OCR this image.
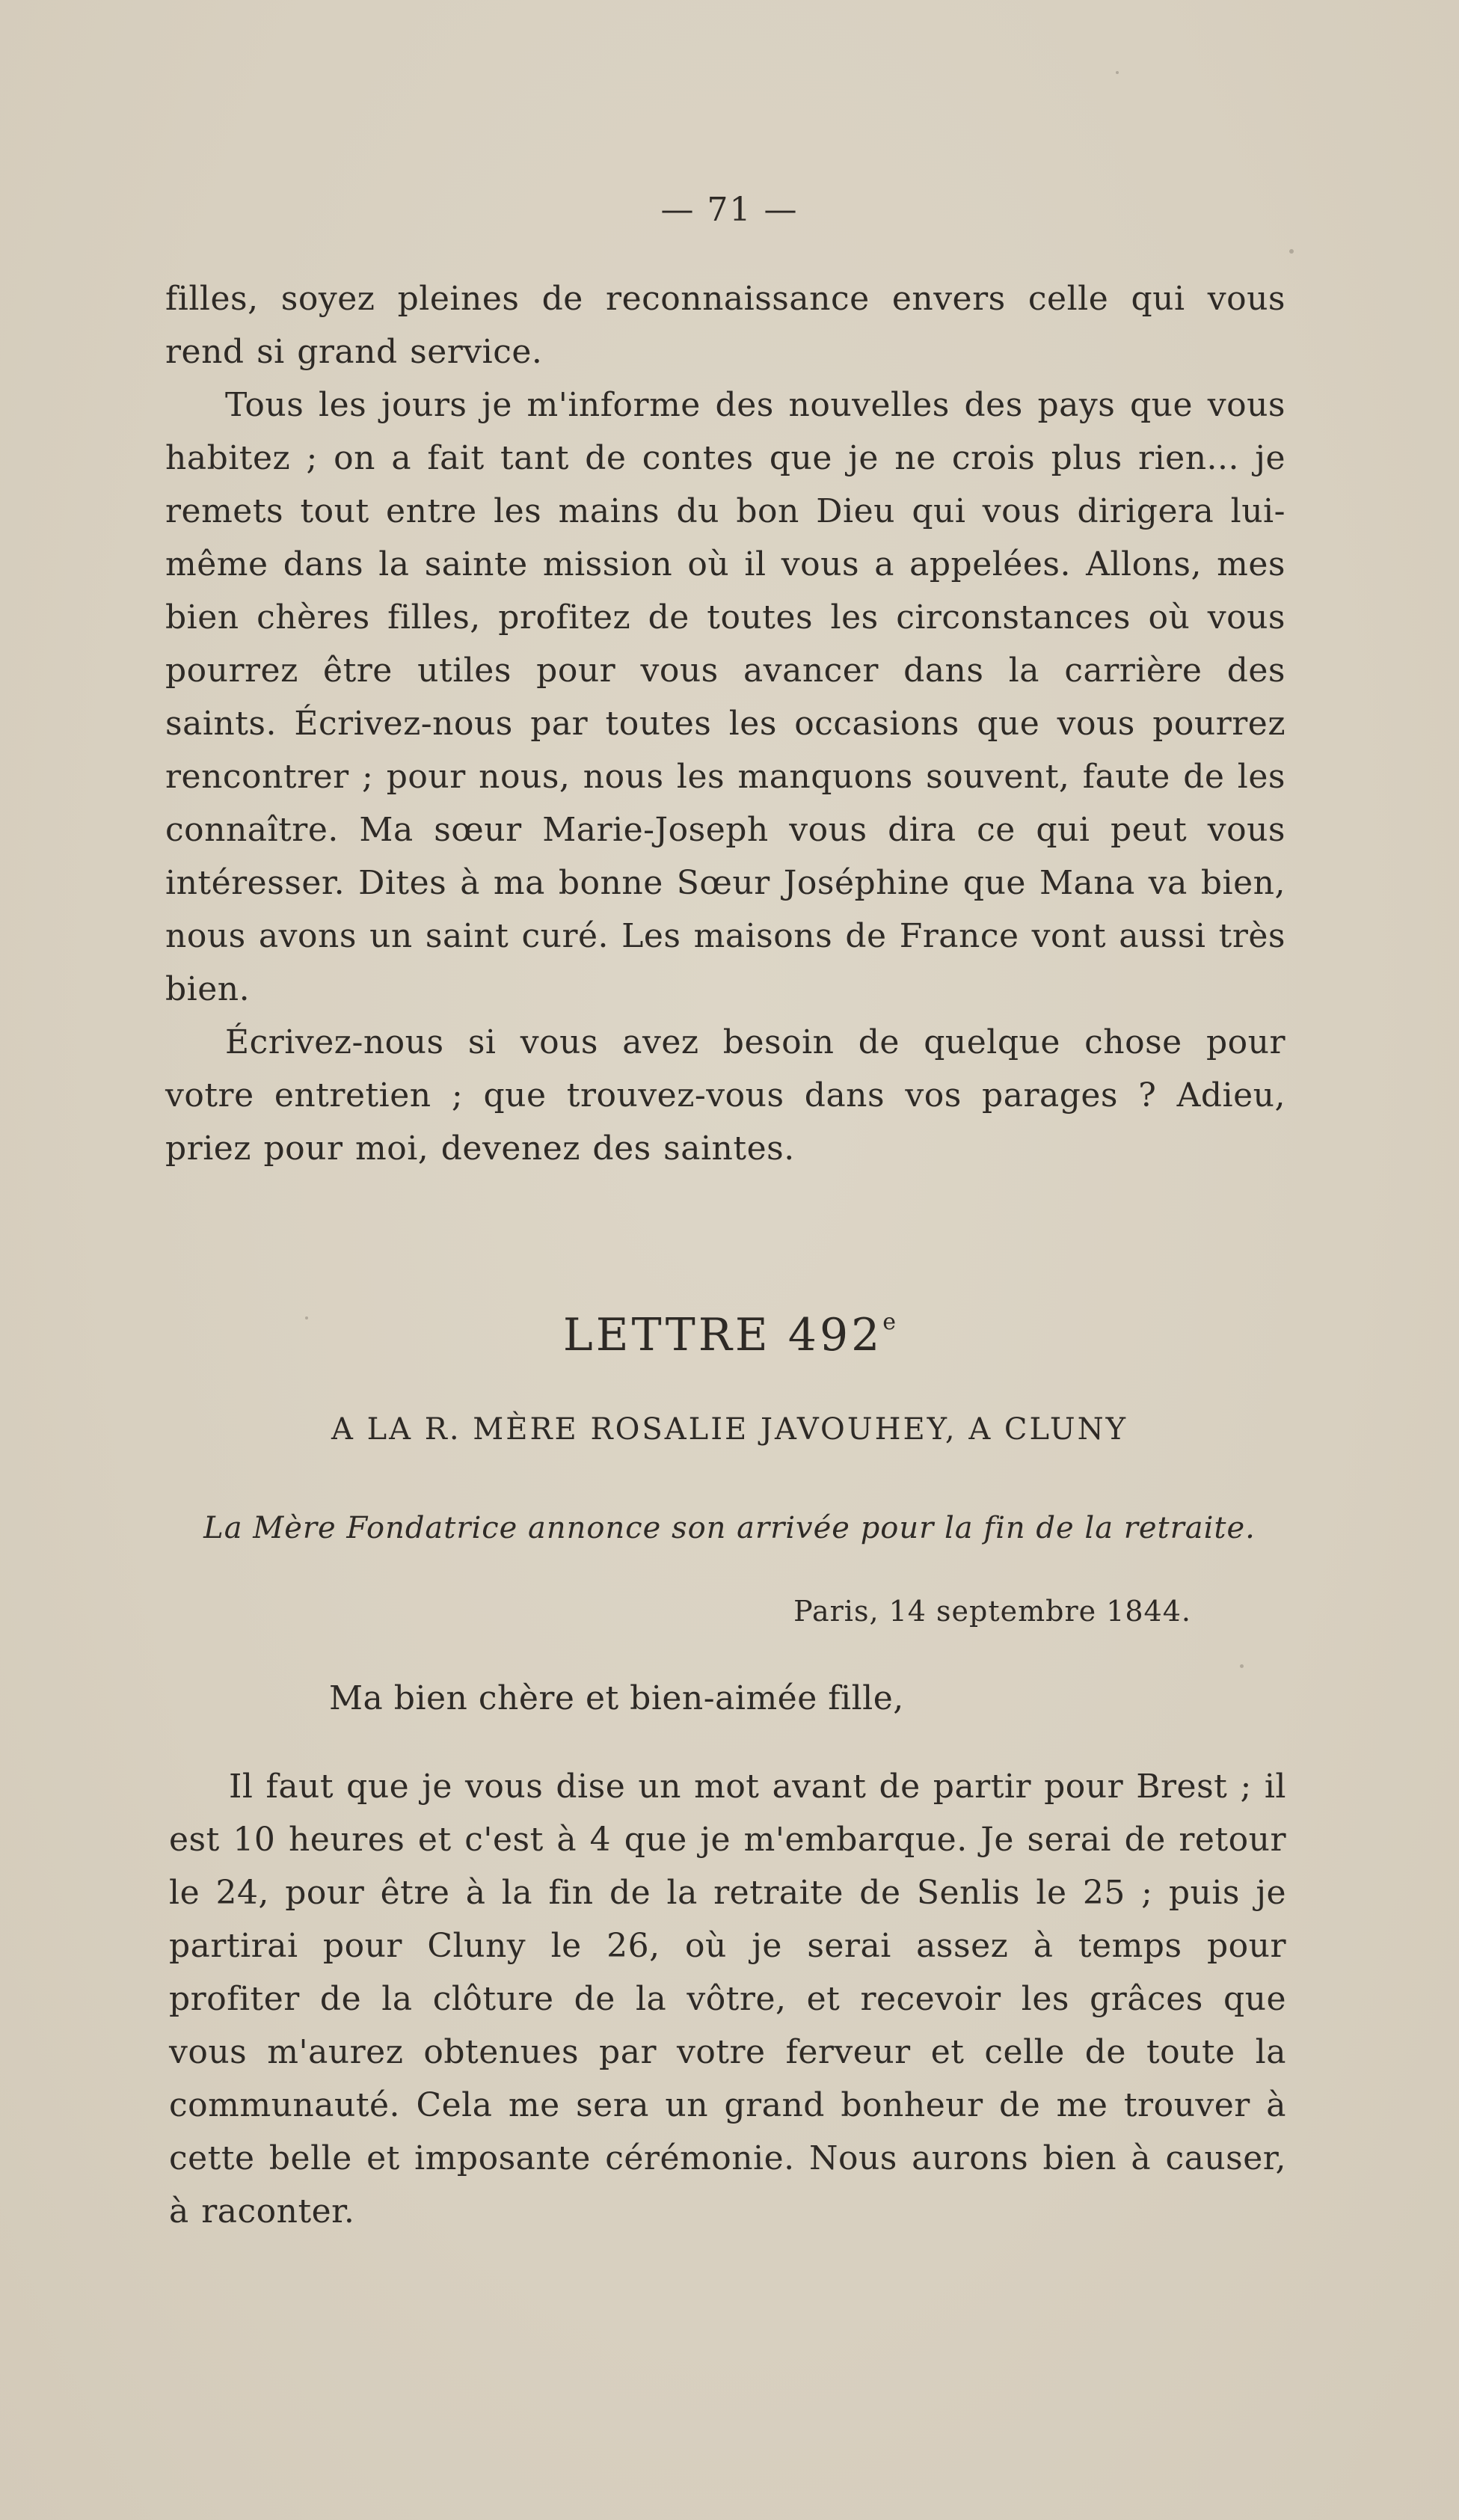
— 71 —

filles, soyez pleines de reconnaissance envers celle qui vous rend si grand service.

Tous les jours je m'informe des nouvelles des pays que vous habitez ; on a fait tant de contes que je ne crois plus rien... je remets tout entre les mains du bon Dieu qui vous dirigera lui-même dans la sainte mission où il vous a appelées. Allons, mes bien chères filles, profitez de toutes les circonstances où vous pourrez être utiles pour vous avancer dans la carrière des saints. Écrivez-nous par toutes les occasions que vous pourrez rencontrer ; pour nous, nous les manquons souvent, faute de les connaître. Ma sœur Marie-Joseph vous dira ce qui peut vous intéresser. Dites à ma bonne Sœur Joséphine que Mana va bien, nous avons un saint curé. Les maisons de France vont aussi très bien.

Écrivez-nous si vous avez besoin de quelque chose pour votre entretien ; que trouvez-vous dans vos parages ? Adieu, priez pour moi, devenez des saintes.

LETTRE 492e
A LA R. MÈRE ROSALIE JAVOUHEY, A CLUNY
La Mère Fondatrice annonce son arrivée pour la fin de la retraite.
Paris, 14 septembre 1844.
Ma bien chère et bien-aimée fille,

Il faut que je vous dise un mot avant de partir pour Brest ; il est 10 heures et c'est à 4 que je m'embarque. Je serai de retour le 24, pour être à la fin de la retraite de Senlis le 25 ; puis je partirai pour Cluny le 26, où je serai assez à temps pour profiter de la clôture de la vôtre, et recevoir les grâces que vous m'aurez obtenues par votre ferveur et celle de toute la communauté. Cela me sera un grand bonheur de me trouver à cette belle et imposante cérémonie. Nous aurons bien à causer, à raconter.
